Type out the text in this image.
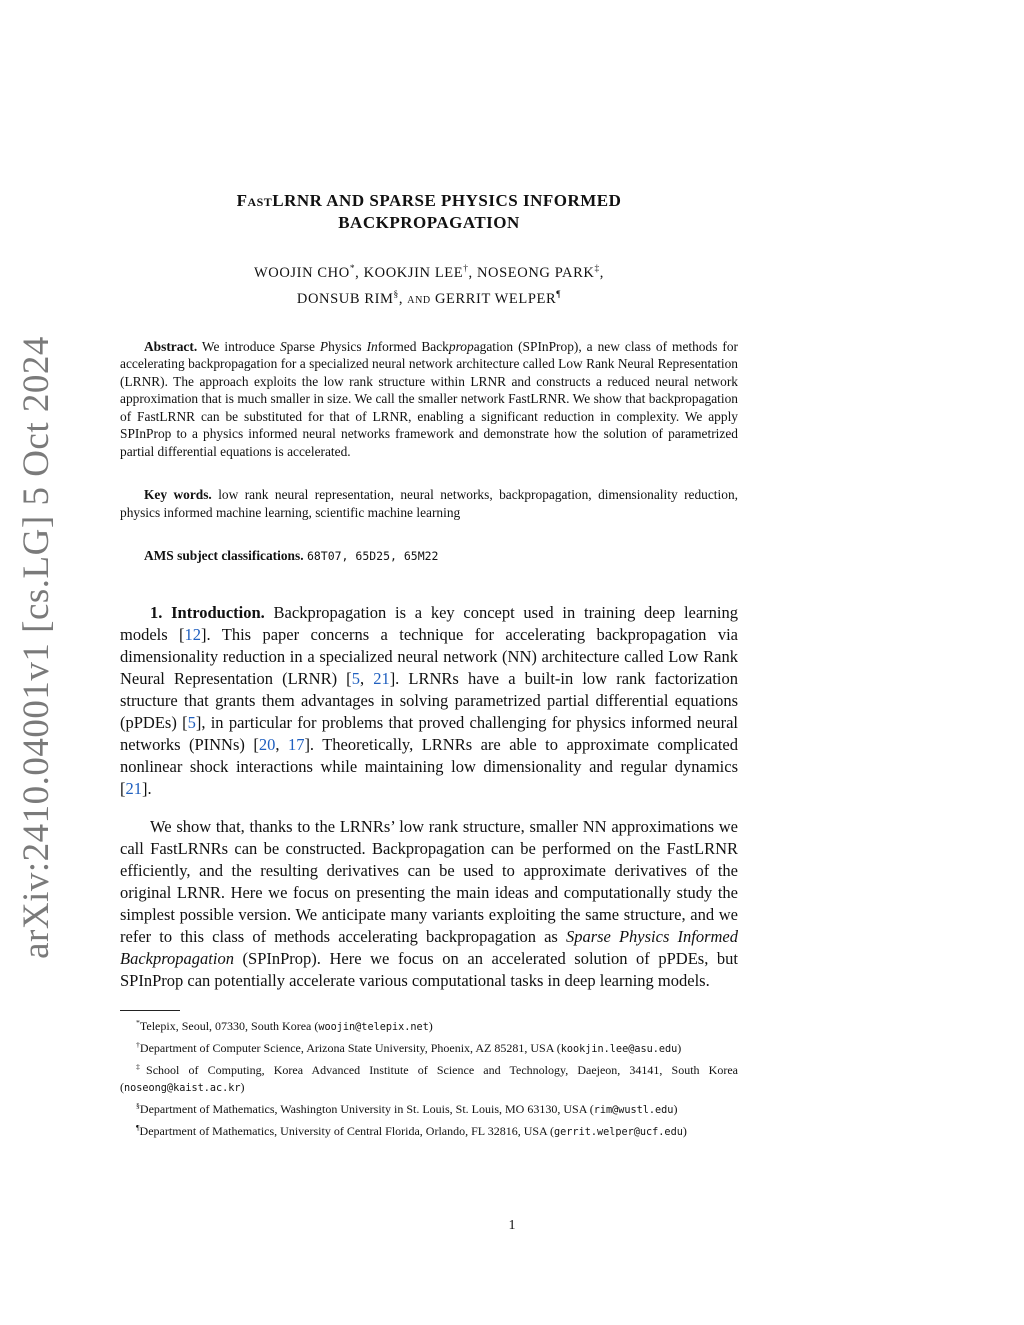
arXiv:2410.04001v1 [cs.LG] 5 Oct 2024
FastLRNR AND SPARSE PHYSICS INFORMED
BACKPROPAGATION
WOOJIN CHO*, KOOKJIN LEE†, NOSEONG PARK‡,
DONSUB RIM§, and GERRIT WELPER¶

Abstract. We introduce Sparse Physics Informed Backpropagation (SPInProp), a new class of methods for accelerating backpropagation for a specialized neural network architecture called Low Rank Neural Representation (LRNR). The approach exploits the low rank structure within LRNR and constructs a reduced neural network approximation that is much smaller in size. We call the smaller network FastLRNR. We show that backpropagation of FastLRNR can be substituted for that of LRNR, enabling a significant reduction in complexity. We apply SPInProp to a physics informed neural networks framework and demonstrate how the solution of parametrized partial differential equations is accelerated.

Key words. low rank neural representation, neural networks, backpropagation, dimensionality reduction, physics informed machine learning, scientific machine learning

AMS subject classifications. 68T07, 65D25, 65M22

1. Introduction. Backpropagation is a key concept used in training deep learning models [12]. This paper concerns a technique for accelerating backpropagation via dimensionality reduction in a specialized neural network (NN) architecture called Low Rank Neural Representation (LRNR) [5, 21]. LRNRs have a built-in low rank factorization structure that grants them advantages in solving parametrized partial differential equations (pPDEs) [5], in particular for problems that proved challenging for physics informed neural networks (PINNs) [20, 17]. Theoretically, LRNRs are able to approximate complicated nonlinear shock interactions while maintaining low dimensionality and regular dynamics [21].

We show that, thanks to the LRNRs’ low rank structure, smaller NN approximations we call FastLRNRs can be constructed. Backpropagation can be performed on the FastLRNR efficiently, and the resulting derivatives can be used to approximate derivatives of the original LRNR. Here we focus on presenting the main ideas and computationally study the simplest possible version. We anticipate many variants exploiting the same structure, and we refer to this class of methods accelerating backpropagation as Sparse Physics Informed Backpropagation (SPInProp). Here we focus on an accelerated solution of pPDEs, but SPInProp can potentially accelerate various computational tasks in deep learning models.

*Telepix, Seoul, 07330, South Korea (woojin@telepix.net)

†Department of Computer Science, Arizona State University, Phoenix, AZ 85281, USA (kookjin.lee@asu.edu)

‡School of Computing, Korea Advanced Institute of Science and Technology, Daejeon, 34141, South Korea (noseong@kaist.ac.kr)

§Department of Mathematics, Washington University in St. Louis, St. Louis, MO 63130, USA (rim@wustl.edu)

¶Department of Mathematics, University of Central Florida, Orlando, FL 32816, USA (gerrit.welper@ucf.edu)

1
